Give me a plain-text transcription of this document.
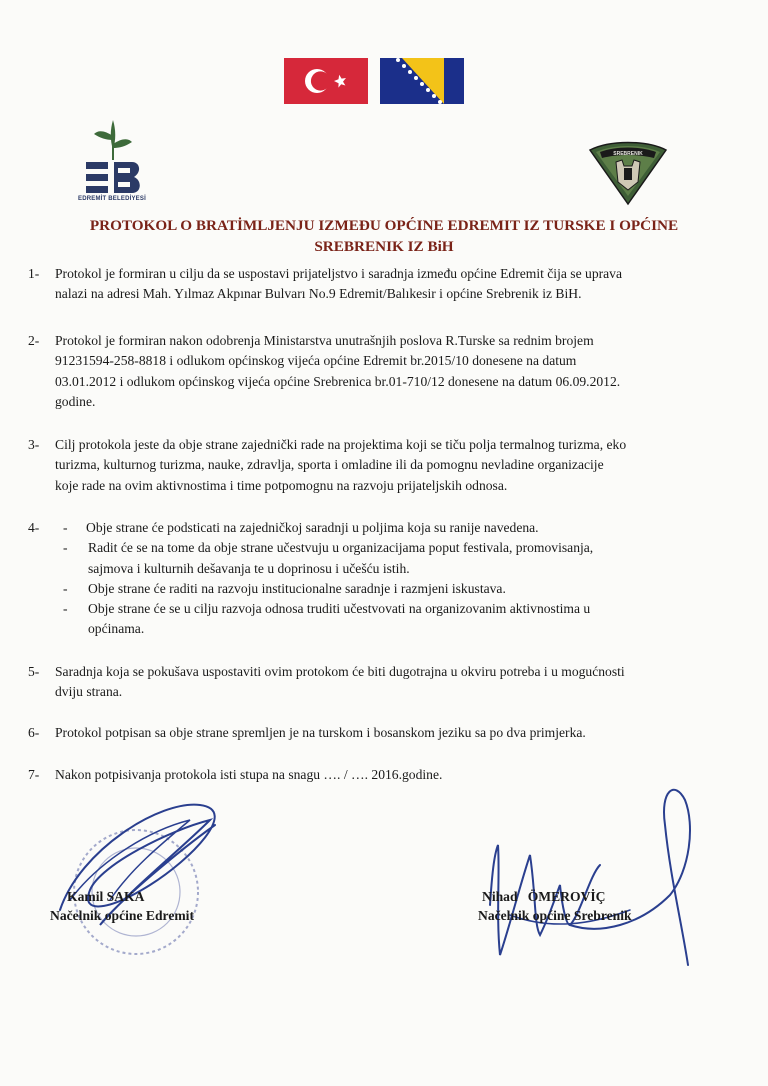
EDREMİT BELEDİYESİ
SREBRENIK
PROTOKOL O BRATİMLJENJU IZMEĐU OPĆINE EDREMIT IZ TURSKE I OPĆINE
SREBRENIK IZ BiH
1-	Protokol je formiran u cilju da se uspostavi prijateljstvo i saradnja između općine Edremit čija se uprava
nalazi na adresi Mah. Yılmaz Akpınar Bulvarı No.9 Edremit/Balıkesir i općine Srebrenik iz BiH.
2-	Protokol je formiran nakon odobrenja Ministarstva unutrašnjih poslova R.Turske sa rednim brojem
91231594-258-8818 i odlukom općinskog vijeća općine Edremit br.2015/10 donesene na datum
03.01.2012 i odlukom općinskog vijeća općine Srebrenica br.01-710/12 donesene na datum 06.09.2012.
godine.
3-	Cilj protokola jeste da obje strane zajednički rade na projektima koji se tiču polja termalnog turizma, eko
turizma, kulturnog turizma, nauke, zdravlja, sporta i omladine ili da pomognu nevladine organizacije
koje rade na ovim aktivnostima i time potpomognu na razvoju prijateljskih odnosa.
4-	-	Obje strane će podsticati na zajedničkoj saradnji u poljima koja su ranije navedena.
-	Radit će se na tome da obje strane učestvuju u organizacijama poput festivala, promovisanja,
sajmova i kulturnih dešavanja te u doprinosu i učešću istih.
-	Obje strane će raditi na razvoju institucionalne saradnje i razmjeni iskustava.
-	Obje strane će se u cilju razvoja odnosa truditi učestvovati na organizovanim aktivnostima u
općinama.
5-	Saradnja koja se pokušava uspostaviti ovim protokom će biti dugotrajna u okviru potreba i u mogućnosti
dviju strana.
6-	Protokol potpisan sa obje strane spremljen je na turskom i bosanskom jeziku sa po dva primjerka.
7-	Nakon potpisivanja protokola isti stupa na snagu …. / …. 2016.godine.
Kamil SAKA
Načelnik općine Edremit
Nihad   ÖMEROVİÇ
Načelnik općine Srebrenik
